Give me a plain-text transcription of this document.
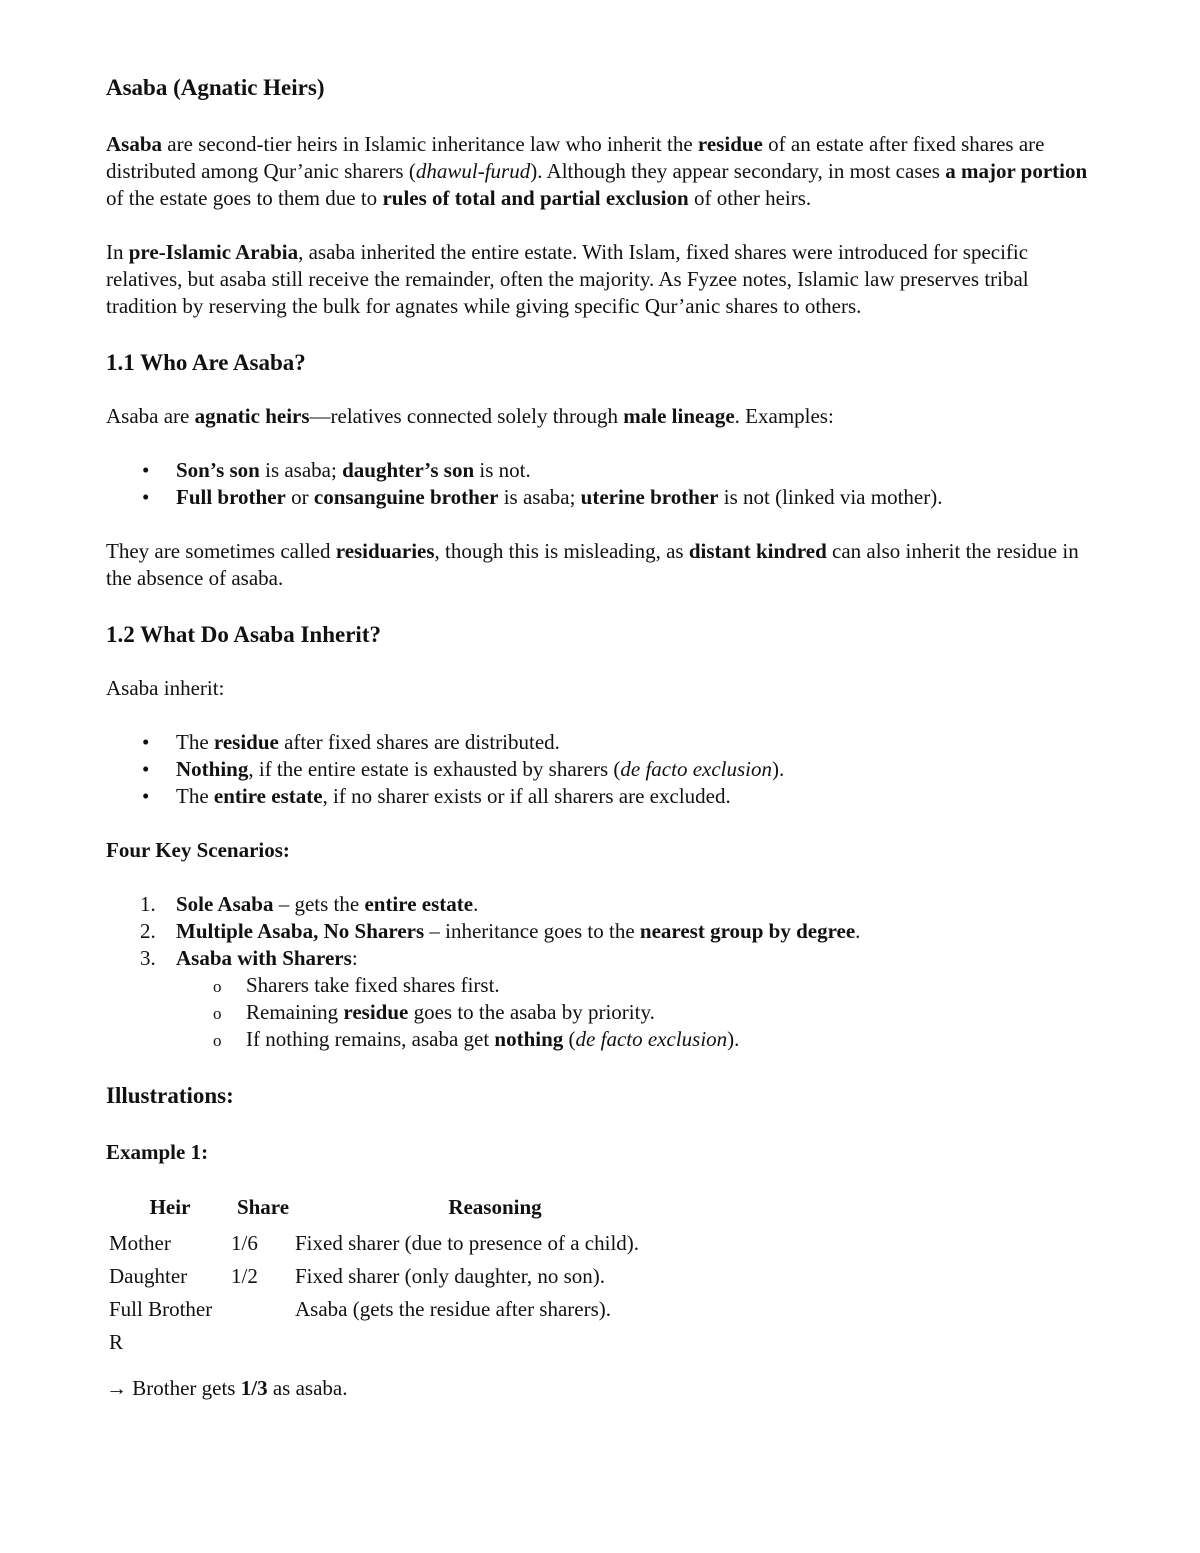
Asaba (Agnatic Heirs)

Asaba are second-tier heirs in Islamic inheritance law who inherit the residue of an estate after fixed shares are distributed among Qur’anic sharers (dhawul-furud). Although they appear secondary, in most cases a major portion of the estate goes to them due to rules of total and partial exclusion of other heirs.

In pre-Islamic Arabia, asaba inherited the entire estate. With Islam, fixed shares were introduced for specific relatives, but asaba still receive the remainder, often the majority. As Fyzee notes, Islamic law preserves tribal tradition by reserving the bulk for agnates while giving specific Qur’anic shares to others.

1.1 Who Are Asaba?

Asaba are agnatic heirs—relatives connected solely through male lineage. Examples:

• Son’s son is asaba; daughter’s son is not.
• Full brother or consanguine brother is asaba; uterine brother is not (linked via mother).

They are sometimes called residuaries, though this is misleading, as distant kindred can also inherit the residue in the absence of asaba.

1.2 What Do Asaba Inherit?

Asaba inherit:

• The residue after fixed shares are distributed.
• Nothing, if the entire estate is exhausted by sharers (de facto exclusion).
• The entire estate, if no sharer exists or if all sharers are excluded.
Four Key Scenarios:
1. Sole Asaba – gets the entire estate.
2. Multiple Asaba, No Sharers – inheritance goes to the nearest group by degree.
3. Asaba with Sharers:
o Sharers take fixed shares first.
o Remaining residue goes to the asaba by priority.
o If nothing remains, asaba get nothing (de facto exclusion).
Illustrations:
Example 1:
Heir	Share	Reasoning
Mother	1/6	Fixed sharer (due to presence of a child).
Daughter	1/2	Fixed sharer (only daughter, no son).
Full Brother R		Asaba (gets the residue after sharers).

→ Brother gets 1/3 as asaba.
